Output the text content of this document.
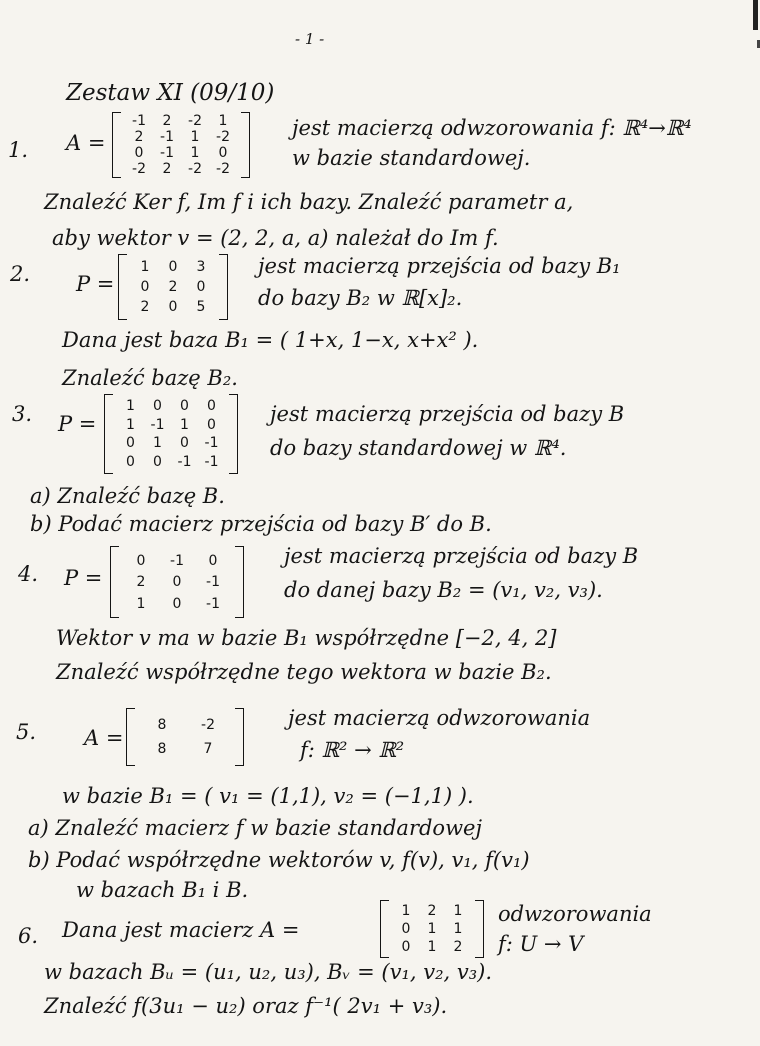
- 1 -
Zestaw XI (09/10)
1. A =
-1	2	-2	1
2	-1	1	-2
0	-1	1	0
-2	2	-2	-2
jest macierzą odwzorowania f: ℝ⁴→ℝ⁴
w bazie standardowej.
Znaleźć Ker f, Im f i ich bazy. Znaleźć parametr a,
aby wektor v = (2, 2, a, a) należał do Im f.
2. P =
1	0	3
0	2	0
2	0	5
jest macierzą przejścia od bazy B₁
do bazy B₂ w ℝ[x]₂.
Dana jest baza B₁ = ( 1+x, 1−x, x+x² ).
Znaleźć bazę B₂.
3. P =
1	0	0	0
1	-1	1	0
0	1	0	-1
0	0	-1 -1
jest macierzą przejścia od bazy B
do bazy standardowej w ℝ⁴.
a) Znaleźć bazę B.
b) Podać macierz przejścia od bazy B′ do B.
4. P =
0	-1	0
2	0	-1
1	0	-1
jest macierzą przejścia od bazy B
do danej bazy B₂ = (v₁, v₂, v₃).
Wektor v ma w bazie B₁ współrzędne [−2, 4, 2]
Znaleźć współrzędne tego wektora w bazie B₂.
5. A =
8	-2
8	7
jest macierzą odwzorowania
f: ℝ² → ℝ²
w bazie B₁ = ( v₁ = (1,1), v₂ = (−1,1) ).
a) Znaleźć macierz f w bazie standardowej
b) Podać współrzędne wektorów v, f(v), v₁, f(v₁)
w bazach B₁ i B.
6. Dana jest macierz A =
1	2	1
0	1	1
0	1	2
odwzorowania
f: U → V
w bazach Bᵤ = (u₁, u₂, u₃), Bᵥ = (v₁, v₂, v₃).
Znaleźć f(3u₁ − u₂) oraz f⁻¹( 2v₁ + v₃).
